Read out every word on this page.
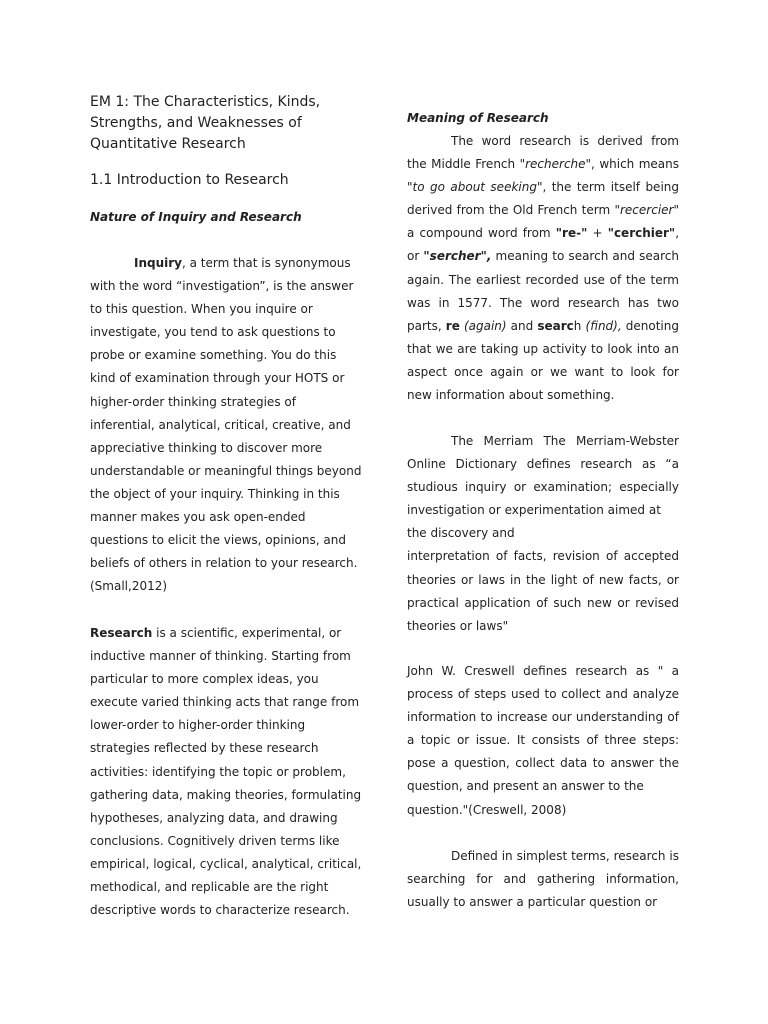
EM 1: The Characteristics, Kinds, Strengths, and Weaknesses of Quantitative Research
1.1 Introduction to Research
Nature of Inquiry and Research

Inquiry, a term that is synonymous with the word “investigation”, is the answer to this question. When you inquire or investigate, you tend to ask questions to probe or examine something. You do this kind of examination through your HOTS or higher-order thinking strategies of inferential, analytical, critical, creative, and appreciative thinking to discover more understandable or meaningful things beyond the object of your inquiry. Thinking in this manner makes you ask open-ended questions to elicit the views, opinions, and beliefs of others in relation to your research. (Small,2012)

Research is a scientific, experimental, or inductive manner of thinking. Starting from particular to more complex ideas, you execute varied thinking acts that range from lower-order to higher-order thinking strategies reflected by these research activities: identifying the topic or problem, gathering data, making theories, formulating hypotheses, analyzing data, and drawing conclusions. Cognitively driven terms like empirical, logical, cyclical, analytical, critical, methodical, and replicable are the right descriptive words to characterize research.

Meaning of Research

The word research is derived from the Middle French "recherche", which means "to go about seeking", the term itself being derived from the Old French term "recercier" a compound word from "re-" + "cerchier", or "sercher", meaning to search and search again. The earliest recorded use of the term was in 1577. The word research has two parts, re (again) and search (find), denoting that we are taking up activity to look into an aspect once again or we want to look for new information about something.

The Merriam The Merriam-Webster Online Dictionary defines research as “a studious inquiry or examination; especially investigation or experimentation aimed at
the discovery and
interpretation of facts, revision of accepted theories or laws in the light of new facts, or practical application of such new or revised theories or laws"
John W. Creswell defines research as " a process of steps used to collect and analyze information to increase our understanding of a topic or issue. It consists of three steps: pose a question, collect data to answer the question, and present an answer to the
question."(Creswell, 2008)

Defined in simplest terms, research is searching for and gathering information, usually to answer a particular question or
